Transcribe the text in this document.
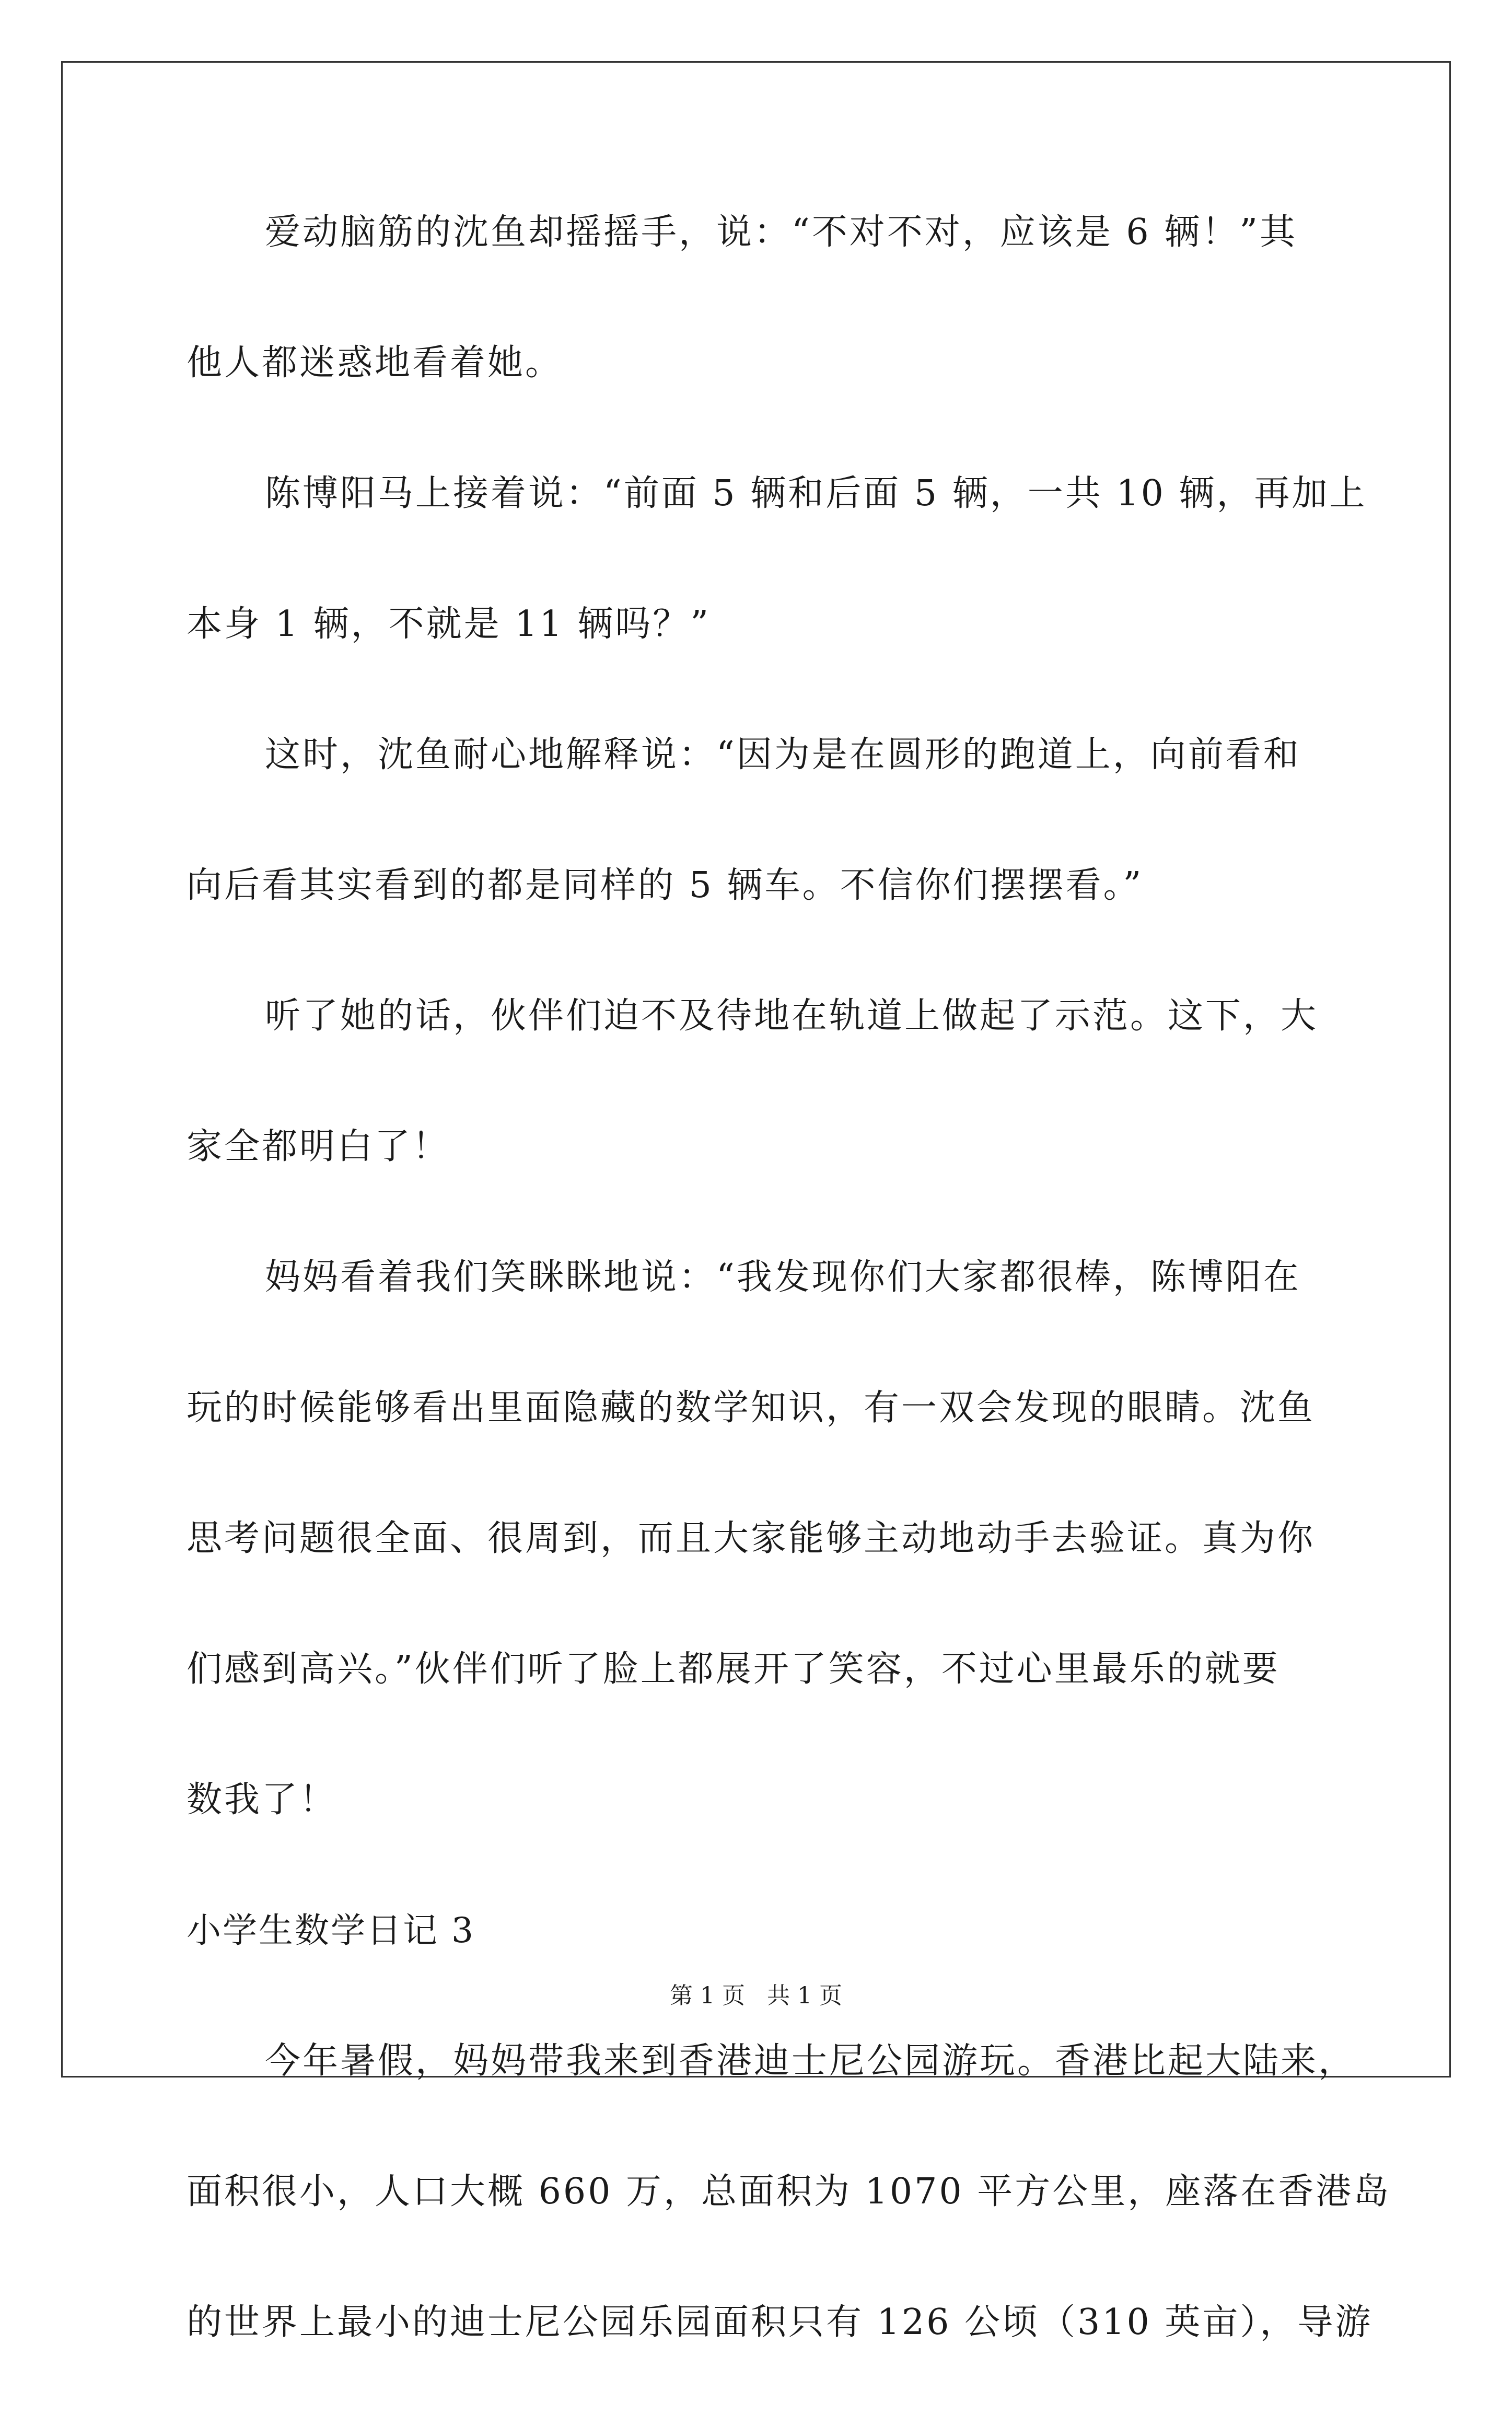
爱动脑筋的沈鱼却摇摇手，说：“不对不对，应该是 6 辆！”其
他人都迷惑地看着她。
陈博阳马上接着说：“前面 5 辆和后面 5 辆，一共 10 辆，再加上
本身 1 辆，不就是 11 辆吗？”
这时，沈鱼耐心地解释说：“因为是在圆形的跑道上，向前看和
向后看其实看到的都是同样的 5 辆车。不信你们摆摆看。”
听了她的话，伙伴们迫不及待地在轨道上做起了示范。这下，大
家全都明白了！
妈妈看着我们笑眯眯地说：“我发现你们大家都很棒，陈博阳在
玩的时候能够看出里面隐藏的数学知识，有一双会发现的眼睛。沈鱼
思考问题很全面、很周到，而且大家能够主动地动手去验证。真为你
们感到高兴。”伙伴们听了脸上都展开了笑容，不过心里最乐的就要
数我了！
小学生数学日记 3
今年暑假，妈妈带我来到香港迪士尼公园游玩。香港比起大陆来，
面积很小，人口大概 660 万，总面积为 1070 平方公里，座落在香港岛
的世界上最小的迪士尼公园乐园面积只有 126 公顷（310 英亩），导游
第 1 页 共 1 页
